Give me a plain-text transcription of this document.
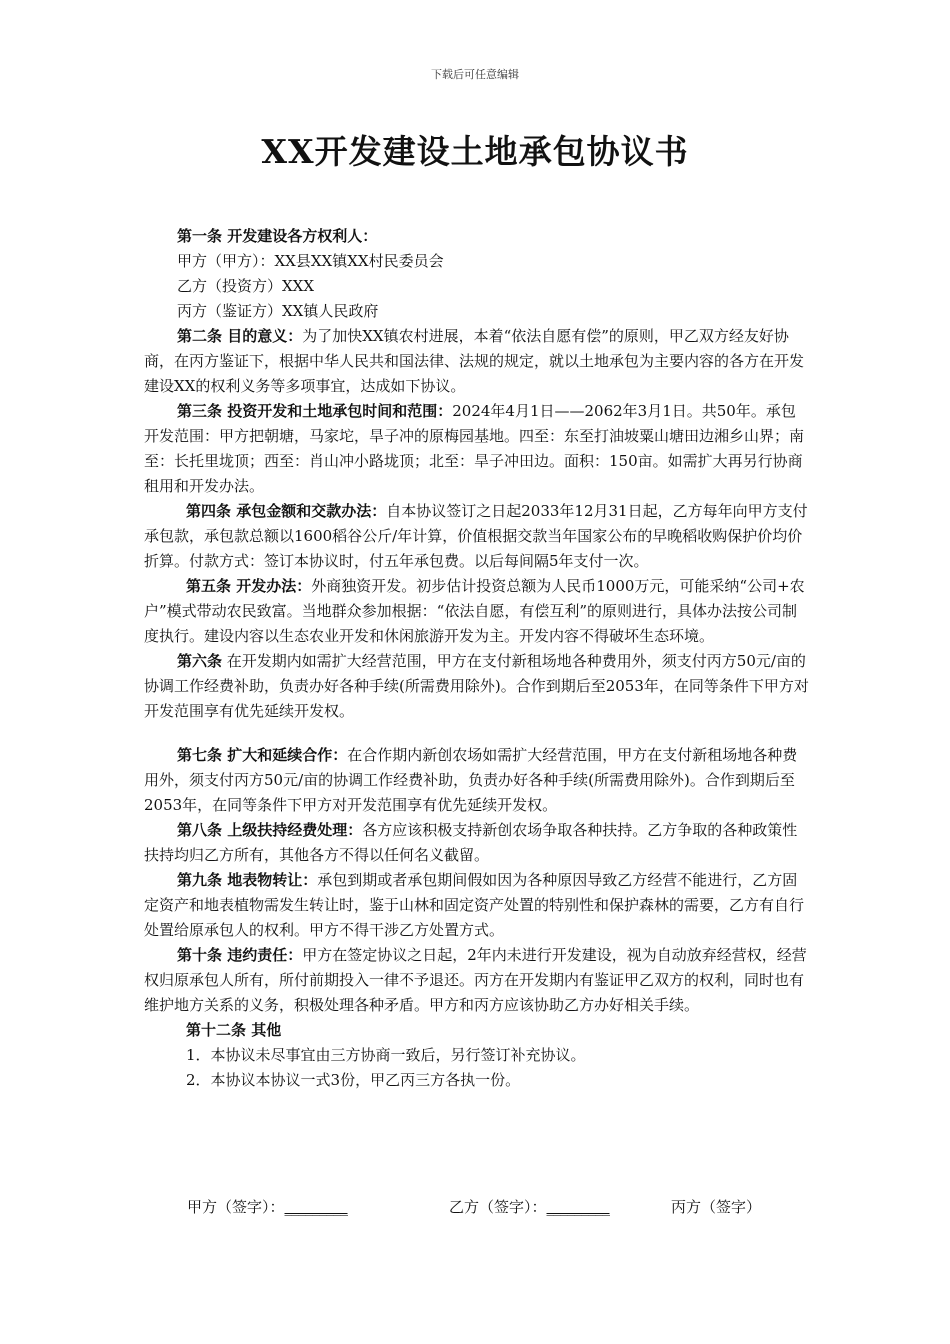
下载后可任意编辑
XX开发建设土地承包协议书

第一条 开发建设各方权利人：

甲方（甲方）：XX县XX镇XX村民委员会

乙方（投资方）XXX

丙方（鉴证方）XX镇人民政府

第二条 目的意义：为了加快XX镇农村进展，本着“依法自愿有偿”的原则，甲乙双方经友好协商，在丙方鉴证下，根据中华人民共和国法律、法规的规定，就以土地承包为主要内容的各方在开发建设XX的权利义务等多项事宜，达成如下协议。

第三条 投资开发和土地承包时间和范围：2024年4月1日——2062年3月1日。共50年。承包开发范围：甲方把朝塘，马家坨，旱子冲的原梅园基地。四至：东至打油坡粟山塘田边湘乡山界；南至：长托里垅顶；西至：肖山冲小路垅顶；北至：旱子冲田边。面积：150亩。如需扩大再另行协商租用和开发办法。

第四条 承包金额和交款办法：自本协议签订之日起2033年12月31日起，乙方每年向甲方支付承包款，承包款总额以1600稻谷公斤/年计算，价值根据交款当年国家公布的早晚稻收购保护价均价折算。付款方式：签订本协议时，付五年承包费。以后每间隔5年支付一次。

第五条 开发办法：外商独资开发。初步估计投资总额为人民币1000万元，可能采纳“公司+农户”模式带动农民致富。当地群众参加根据：“依法自愿，有偿互利”的原则进行，具体办法按公司制度执行。建设内容以生态农业开发和休闲旅游开发为主。开发内容不得破坏生态环境。

第六条 在开发期内如需扩大经营范围，甲方在支付新租场地各种费用外，须支付丙方50元/亩的协调工作经费补助，负责办好各种手续(所需费用除外)。合作到期后至2053年，在同等条件下甲方对开发范围享有优先延续开发权。

第七条 扩大和延续合作：在合作期内新创农场如需扩大经营范围，甲方在支付新租场地各种费用外，须支付丙方50元/亩的协调工作经费补助，负责办好各种手续(所需费用除外)。合作到期后至2053年，在同等条件下甲方对开发范围享有优先延续开发权。

第八条 上级扶持经费处理：各方应该积极支持新创农场争取各种扶持。乙方争取的各种政策性扶持均归乙方所有，其他各方不得以任何名义截留。

第九条 地表物转让：承包到期或者承包期间假如因为各种原因导致乙方经营不能进行，乙方固定资产和地表植物需发生转让时，鉴于山林和固定资产处置的特别性和保护森林的需要，乙方有自行处置给原承包人的权利。甲方不得干涉乙方处置方式。

第十条 违约责任：甲方在签定协议之日起，2年内未进行开发建设，视为自动放弃经营权，经营权归原承包人所有，所付前期投入一律不予退还。丙方在开发期内有鉴证甲乙双方的权利，同时也有维护地方关系的义务，积极处理各种矛盾。甲方和丙方应该协助乙方办好相关手续。

第十二条 其他

1．本协议未尽事宜由三方协商一致后，另行签订补充协议。

2．本协议本协议一式3份，甲乙丙三方各执一份。

甲方（签字）：_________	乙方（签字）：_________	丙方（签字）
